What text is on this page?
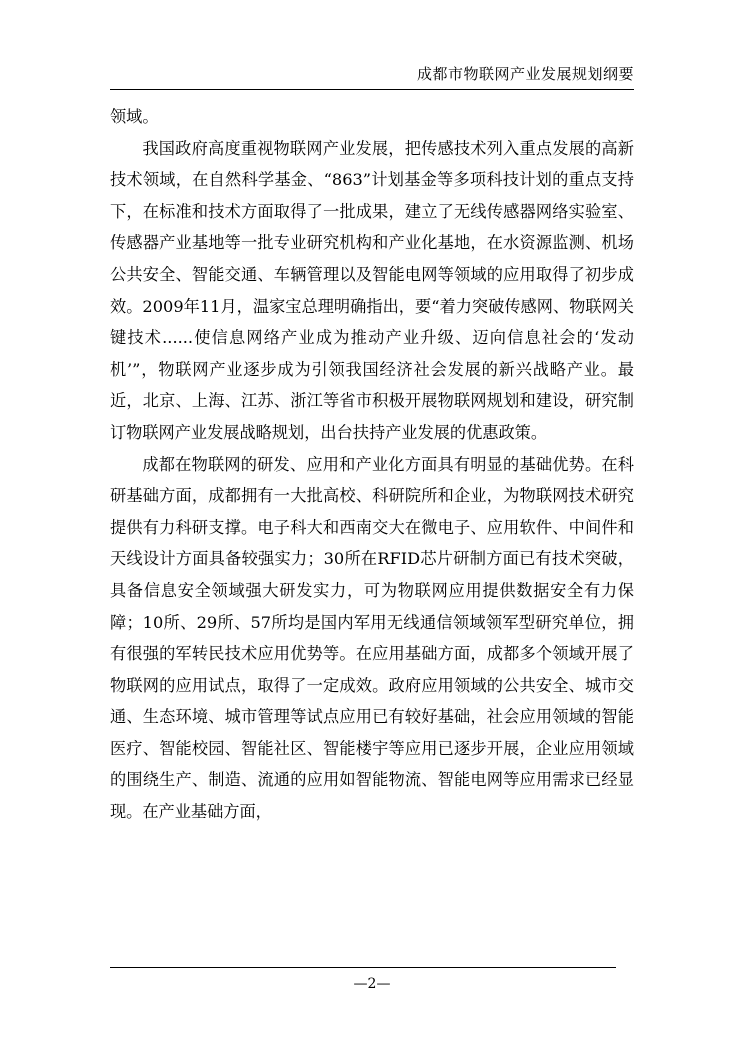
成都市物联网产业发展规划纲要

领域。

我国政府高度重视物联网产业发展，把传感技术列入重点发展的高新技术领域，在自然科学基金、“863”计划基金等多项科技计划的重点支持下，在标准和技术方面取得了一批成果，建立了无线传感器网络实验室、传感器产业基地等一批专业研究机构和产业化基地，在水资源监测、机场公共安全、智能交通、车辆管理以及智能电网等领域的应用取得了初步成效。2009年11月，温家宝总理明确指出，要“着力突破传感网、物联网关键技术......使信息网络产业成为推动产业升级、迈向信息社会的‘发动机’”，物联网产业逐步成为引领我国经济社会发展的新兴战略产业。最近，北京、上海、江苏、浙江等省市积极开展物联网规划和建设，研究制订物联网产业发展战略规划，出台扶持产业发展的优惠政策。

成都在物联网的研发、应用和产业化方面具有明显的基础优势。在科研基础方面，成都拥有一大批高校、科研院所和企业，为物联网技术研究提供有力科研支撑。电子科大和西南交大在微电子、应用软件、中间件和天线设计方面具备较强实力；30所在RFID芯片研制方面已有技术突破，具备信息安全领域强大研发实力，可为物联网应用提供数据安全有力保障；10所、29所、57所均是国内军用无线通信领域领军型研究单位，拥有很强的军转民技术应用优势等。在应用基础方面，成都多个领域开展了物联网的应用试点，取得了一定成效。政府应用领域的公共安全、城市交通、生态环境、城市管理等试点应用已有较好基础，社会应用领域的智能医疗、智能校园、智能社区、智能楼宇等应用已逐步开展，企业应用领域的围绕生产、制造、流通的应用如智能物流、智能电网等应用需求已经显现。在产业基础方面，

—2—
